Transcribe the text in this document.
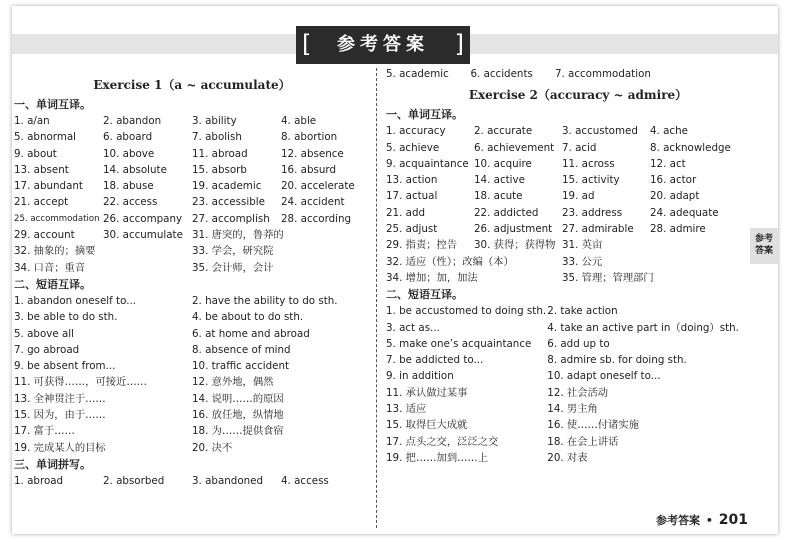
[	参考答案	]
Exercise 1（a ~ accumulate）
一、单词互译。
1. a/an	2. abandon	3. ability	4. able
5. abnormal	6. aboard	7. abolish	8. abortion
9. about	10. above	11. abroad	12. absence
13. absent	14. absolute	15. absorb	16. absurd
17. abundant	18. abuse	19. academic	20. accelerate
21. accept	22. access	23. accessible	24. accident
25. accommodation 26. accompany 27. accomplish	28. according
29. account	30. accumulate 31. 唐突的，鲁莽的
32. 抽象的；摘要	33. 学会，研究院
34. 口音；重音	35. 会计师，会计
二、短语互译。
1. abandon oneself to...	2. have the ability to do sth.
3. be able to do sth.	4. be about to do sth.
5. above all	6. at home and abroad
7. go abroad	8. absence of mind
9. be absent from...	10. traffic accident
11. 可获得……，可接近……	12. 意外地，偶然
13. 全神贯注于……	14. 说明……的原因
15. 因为，由于……	16. 放任地，纵情地
17. 富于……	18. 为……提供食宿
19. 完成某人的目标	20. 决不
三、单词拼写。
1. abroad	2. absorbed	3. abandoned	4. access
5. academic	6. accidents	7. accommodation
Exercise 2（accuracy ~ admire）
一、单词互译。
1. accuracy	2. accurate	3. accustomed	4. ache
5. achieve	6. achievement 7. acid	8. acknowledge
9. acquaintance 10. acquire	11. across	12. act
13. action	14. active	15. activity	16. actor
17. actual	18. acute	19. ad	20. adapt
21. add	22. addicted	23. address	24. adequate
25. adjust	26. adjustment 27. admirable	28. admire
29. 指责；控告	30. 获得；获得物 31. 英亩
32. 适应（性）；改编（本）	33. 公元
34. 增加；加，加法	35. 管理；管理部门
二、短语互译。
1. be accustomed to doing sth. 2. take action
3. act as...	4. take an active part in（doing）sth.
5. make one’s acquaintance	6. add up to
7. be addicted to...	8. admire sb. for doing sth.
9. in addition	10. adapt oneself to...
11. 承认做过某事	12. 社会活动
13. 适应	14. 男主角
15. 取得巨大成就	16. 使……付诸实施
17. 点头之交，泛泛之交	18. 在会上讲话
19. 把……加到……上	20. 对表
参考
答案
参考答案 • 201
